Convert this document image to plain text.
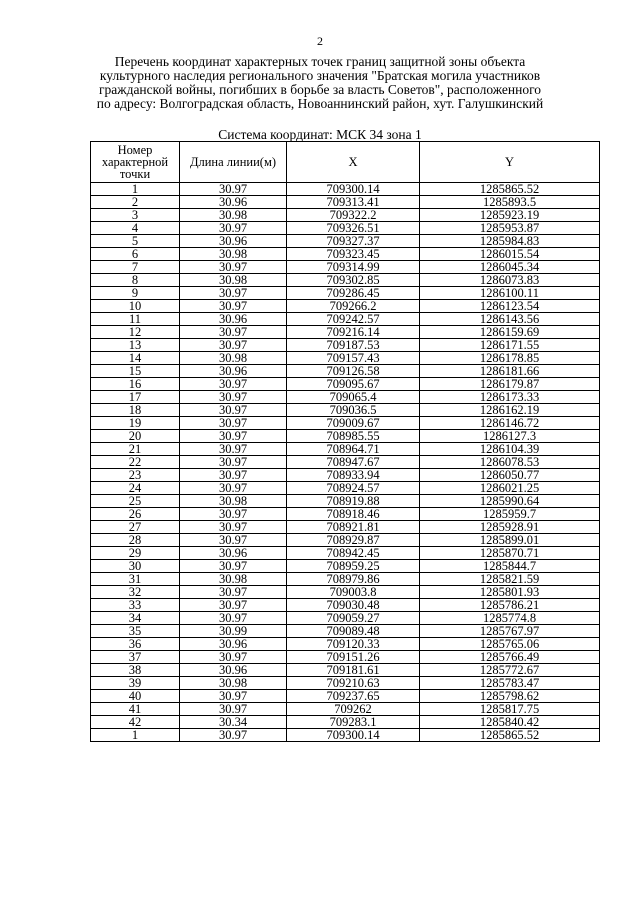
2
Перечень координат характерных точек границ защитной зоны объекта
культурного наследия регионального значения "Братская могила участников
гражданской войны, погибших в борьбе за власть Советов", расположенного
по адресу: Волгоградская область, Новоаннинский район, хут. Галушкинский
Система координат: МСК 34 зона 1
Номер характерной точки	Длина линии(м)	X	Y
1	30.97	709300.14	1285865.52
2	30.96	709313.41	1285893.5
3	30.98	709322.2	1285923.19
4	30.97	709326.51	1285953.87
5	30.96	709327.37	1285984.83
6	30.98	709323.45	1286015.54
7	30.97	709314.99	1286045.34
8	30.98	709302.85	1286073.83
9	30.97	709286.45	1286100.11
10	30.97	709266.2	1286123.54
11	30.96	709242.57	1286143.56
12	30.97	709216.14	1286159.69
13	30.97	709187.53	1286171.55
14	30.98	709157.43	1286178.85
15	30.96	709126.58	1286181.66
16	30.97	709095.67	1286179.87
17	30.97	709065.4	1286173.33
18	30.97	709036.5	1286162.19
19	30.97	709009.67	1286146.72
20	30.97	708985.55	1286127.3
21	30.97	708964.71	1286104.39
22	30.97	708947.67	1286078.53
23	30.97	708933.94	1286050.77
24	30.97	708924.57	1286021.25
25	30.98	708919.88	1285990.64
26	30.97	708918.46	1285959.7
27	30.97	708921.81	1285928.91
28	30.97	708929.87	1285899.01
29	30.96	708942.45	1285870.71
30	30.97	708959.25	1285844.7
31	30.98	708979.86	1285821.59
32	30.97	709003.8	1285801.93
33	30.97	709030.48	1285786.21
34	30.97	709059.27	1285774.8
35	30.99	709089.48	1285767.97
36	30.96	709120.33	1285765.06
37	30.97	709151.26	1285766.49
38	30.96	709181.61	1285772.67
39	30.98	709210.63	1285783.47
40	30.97	709237.65	1285798.62
41	30.97	709262	1285817.75
42	30.34	709283.1	1285840.42
1	30.97	709300.14	1285865.52
